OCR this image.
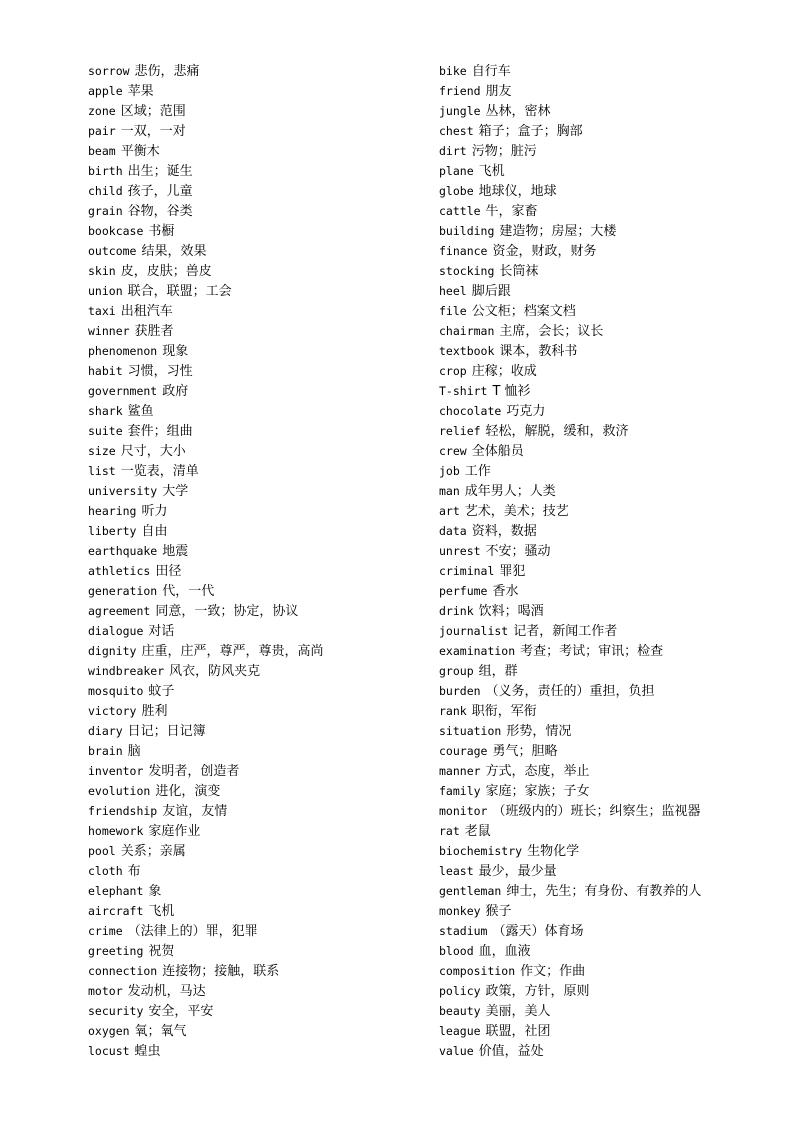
sorrow 悲伤，悲痛
apple 苹果
zone 区域；范围
pair 一双，一对
beam 平衡木
birth 出生；诞生
child 孩子，儿童
grain 谷物，谷类
bookcase 书橱
outcome 结果，效果
skin 皮，皮肤；兽皮
union 联合，联盟；工会
taxi 出租汽车
winner 获胜者
phenomenon 现象
habit 习惯，习性
government 政府
shark 鲨鱼
suite 套件；组曲
size 尺寸，大小
list 一览表，清单
university 大学
hearing 听力
liberty 自由
earthquake 地震
athletics 田径
generation 代，一代
agreement 同意，一致；协定，协议
dialogue 对话
dignity 庄重，庄严，尊严，尊贵，高尚
windbreaker 风衣，防风夹克
mosquito 蚊子
victory 胜利
diary 日记；日记簿
brain 脑
inventor 发明者，创造者
evolution 进化，演变
friendship 友谊，友情
homework 家庭作业
pool 关系；亲属
cloth 布
elephant 象
aircraft 飞机
crime （法律上的）罪，犯罪
greeting 祝贺
connection 连接物；接触，联系
motor 发动机，马达
security 安全，平安
oxygen 氧；氧气
locust 蝗虫
bike 自行车
friend 朋友
jungle 丛林，密林
chest 箱子；盒子；胸部
dirt 污物；脏污
plane 飞机
globe 地球仪，地球
cattle 牛，家畜
building 建造物；房屋；大楼
finance 资金，财政，财务
stocking 长筒袜
heel 脚后跟
file 公文柜；档案文档
chairman 主席，会长；议长
textbook 课本，教科书
crop 庄稼；收成
T-shirt T 恤衫
chocolate 巧克力
relief 轻松，解脱，缓和，救济
crew 全体船员
job 工作
man 成年男人；人类
art 艺术，美术；技艺
data 资料，数据
unrest 不安；骚动
criminal 罪犯
perfume 香水
drink 饮料；喝酒
journalist 记者，新闻工作者
examination 考查；考试；审讯；检查
group 组，群
burden （义务，责任的）重担，负担
rank 职衔，军衔
situation 形势，情况
courage 勇气；胆略
manner 方式，态度，举止
family 家庭；家族；子女
monitor （班级内的）班长；纠察生；监视器
rat 老鼠
biochemistry 生物化学
least 最少，最少量
gentleman 绅士，先生；有身份、有教养的人
monkey 猴子
stadium （露天）体育场
blood 血，血液
composition 作文；作曲
policy 政策，方针，原则
beauty 美丽，美人
league 联盟，社团
value 价值，益处
